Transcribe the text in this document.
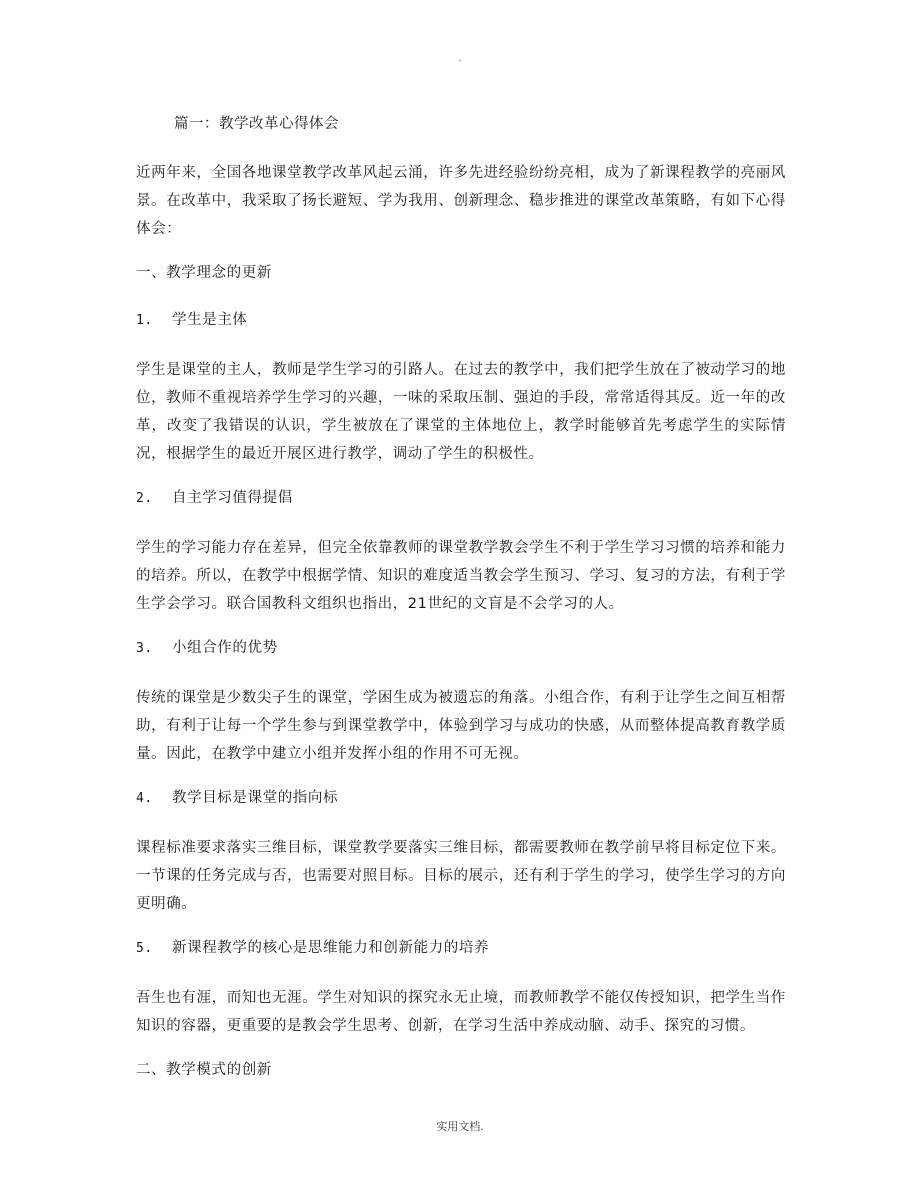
.
篇一：教学改革心得体会
近两年来，全国各地课堂教学改革风起云涌，许多先进经验纷纷亮相，成为了新课程教学的亮丽风景。在改革中，我采取了扬长避短、学为我用、创新理念、稳步推进的课堂改革策略，有如下心得体会：
一、教学理念的更新
1. 学生是主体
学生是课堂的主人，教师是学生学习的引路人。在过去的教学中，我们把学生放在了被动学习的地位，教师不重视培养学生学习的兴趣，一味的采取压制、强迫的手段，常常适得其反。近一年的改革，改变了我错误的认识，学生被放在了课堂的主体地位上，教学时能够首先考虑学生的实际情况，根据学生的最近开展区进行教学，调动了学生的积极性。
2. 自主学习值得提倡
学生的学习能力存在差异，但完全依靠教师的课堂教学教会学生不利于学生学习习惯的培养和能力的培养。所以，在教学中根据学情、知识的难度适当教会学生预习、学习、复习的方法，有利于学生学会学习。联合国教科文组织也指出，21世纪的文盲是不会学习的人。
3. 小组合作的优势
传统的课堂是少数尖子生的课堂，学困生成为被遗忘的角落。小组合作，有利于让学生之间互相帮助，有利于让每一个学生参与到课堂教学中，体验到学习与成功的快感，从而整体提高教育教学质量。因此，在教学中建立小组并发挥小组的作用不可无视。
4. 教学目标是课堂的指向标
课程标准要求落实三维目标，课堂教学要落实三维目标，都需要教师在教学前早将目标定位下来。一节课的任务完成与否，也需要对照目标。目标的展示，还有利于学生的学习，使学生学习的方向更明确。
5. 新课程教学的核心是思维能力和创新能力的培养
吾生也有涯，而知也无涯。学生对知识的探究永无止境，而教师教学不能仅传授知识，把学生当作知识的容器，更重要的是教会学生思考、创新，在学习生活中养成动脑、动手、探究的习惯。
二、教学模式的创新
实用文档.
